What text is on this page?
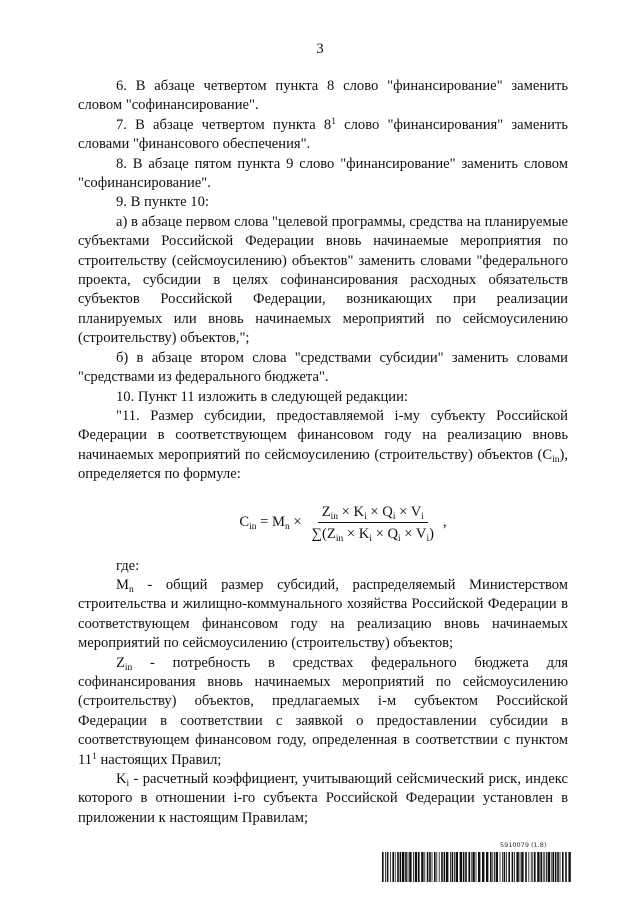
3

6. В абзаце четвертом пункта 8 слово "финансирование" заменить словом "софинансирование".

7. В абзаце четвертом пункта $8^1$ слово "финансирования" заменить словами "финансового обеспечения".

8. В абзаце пятом пункта 9 слово "финансирование" заменить словом "софинансирование".

9. В пункте 10:

а) в абзаце первом слова "целевой программы, средства на планируемые субъектами Российской Федерации вновь начинаемые мероприятия по строительству (сейсмоусилению) объектов" заменить словами "федерального проекта, субсидии в целях софинансирования расходных обязательств субъектов Российской Федерации, возникающих при реализации планируемых или вновь начинаемых мероприятий по сейсмоусилению (строительству) объектов,";

б) в абзаце втором слова "средствами субсидии" заменить словами "средствами из федерального бюджета".

10. Пункт 11 изложить в следующей редакции:

"11. Размер субсидии, предоставляемой i-му субъекту Российской Федерации в соответствующем финансовом году на реализацию вновь начинаемых мероприятий по сейсмоусилению (строительству) объектов $(C_{in})$, определяется по формуле:

$C_{in} = M_n \times \frac{Z_{in} \times K_i \times Q_i \times V_i}{\sum(Z_{in} \times K_i \times Q_i \times V_i)}$ ,

где:

$M_n$ - общий размер субсидий, распределяемый Министерством строительства и жилищно-коммунального хозяйства Российской Федерации в соответствующем финансовом году на реализацию вновь начинаемых мероприятий по сейсмоусилению (строительству) объектов;

$Z_{in}$ - потребность в средствах федерального бюджета для софинансирования вновь начинаемых мероприятий по сейсмоусилению (строительству) объектов, предлагаемых i-м субъектом Российской Федерации в соответствии с заявкой о предоставлении субсидии в соответствующем финансовом году, определенная в соответствии с пунктом $11^1$ настоящих Правил;

$K_i$ - расчетный коэффициент, учитывающий сейсмический риск, индекс которого в отношении i-го субъекта Российской Федерации установлен в приложении к настоящим Правилам;

5910079 (1.8)
